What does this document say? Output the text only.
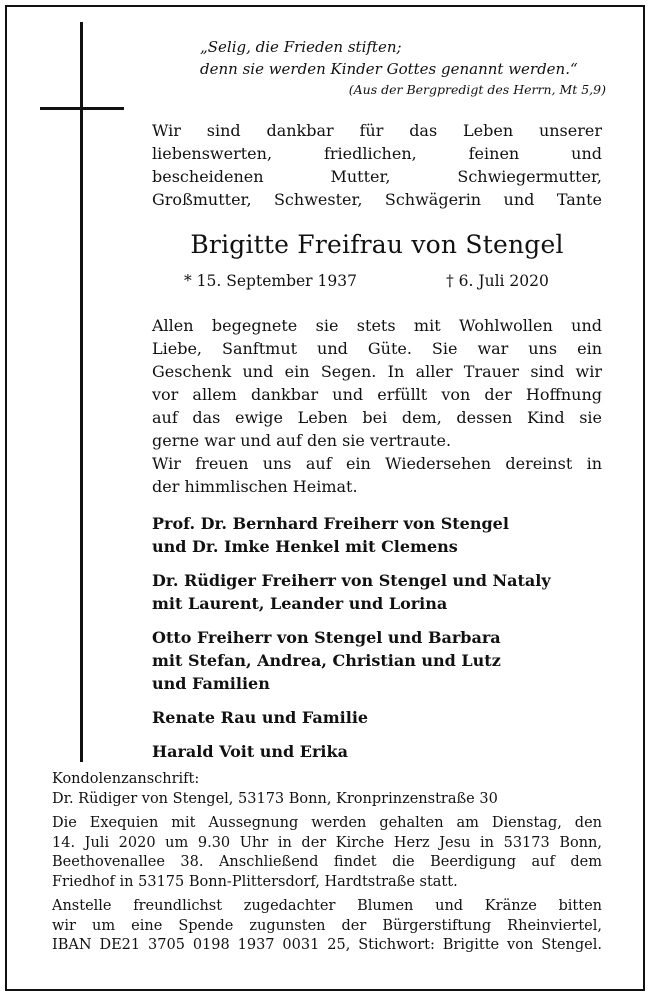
„Selig, die Frieden stiften;

denn sie werden Kinder Gottes genannt werden.“

(Aus der Bergpredigt des Herrn, Mt 5,9)
Wir sind dankbar für das Leben unserer
liebenswerten, friedlichen, feinen und
bescheidenen Mutter, Schwiegermutter,
Großmutter, Schwester, Schwägerin und Tante
Brigitte Freifrau von Stengel
* 15. September 1937	† 6. Juli 2020
Allen begegnete sie stets mit Wohlwollen und
Liebe, Sanftmut und Güte. Sie war uns ein
Geschenk und ein Segen. In aller Trauer sind wir
vor allem dankbar und erfüllt von der Hoffnung
auf das ewige Leben bei dem, dessen Kind sie
gerne war und auf den sie vertraute.
Wir freuen uns auf ein Wiedersehen dereinst in
der himmlischen Heimat.
Prof. Dr. Bernhard Freiherr von Stengel
und Dr. Imke Henkel mit Clemens
Dr. Rüdiger Freiherr von Stengel und Nataly
mit Laurent, Leander und Lorina
Otto Freiherr von Stengel und Barbara
mit Stefan, Andrea, Christian und Lutz
und Familien
Renate Rau und Familie
Harald Voit und Erika
Kondolenzanschrift:
Dr. Rüdiger von Stengel, 53173 Bonn, Kronprinzenstraße 30
Die Exequien mit Aussegnung werden gehalten am Dienstag, den
14. Juli 2020 um 9.30 Uhr in der Kirche Herz Jesu in 53173 Bonn,
Beethovenallee 38. Anschließend findet die Beerdigung auf dem
Friedhof in 53175 Bonn-Plittersdorf, Hardtstraße statt.
Anstelle freundlichst zugedachter Blumen und Kränze bitten
wir um eine Spende zugunsten der Bürgerstiftung Rheinviertel,
IBAN DE21 3705 0198 1937 0031 25, Stichwort: Brigitte von Stengel.
